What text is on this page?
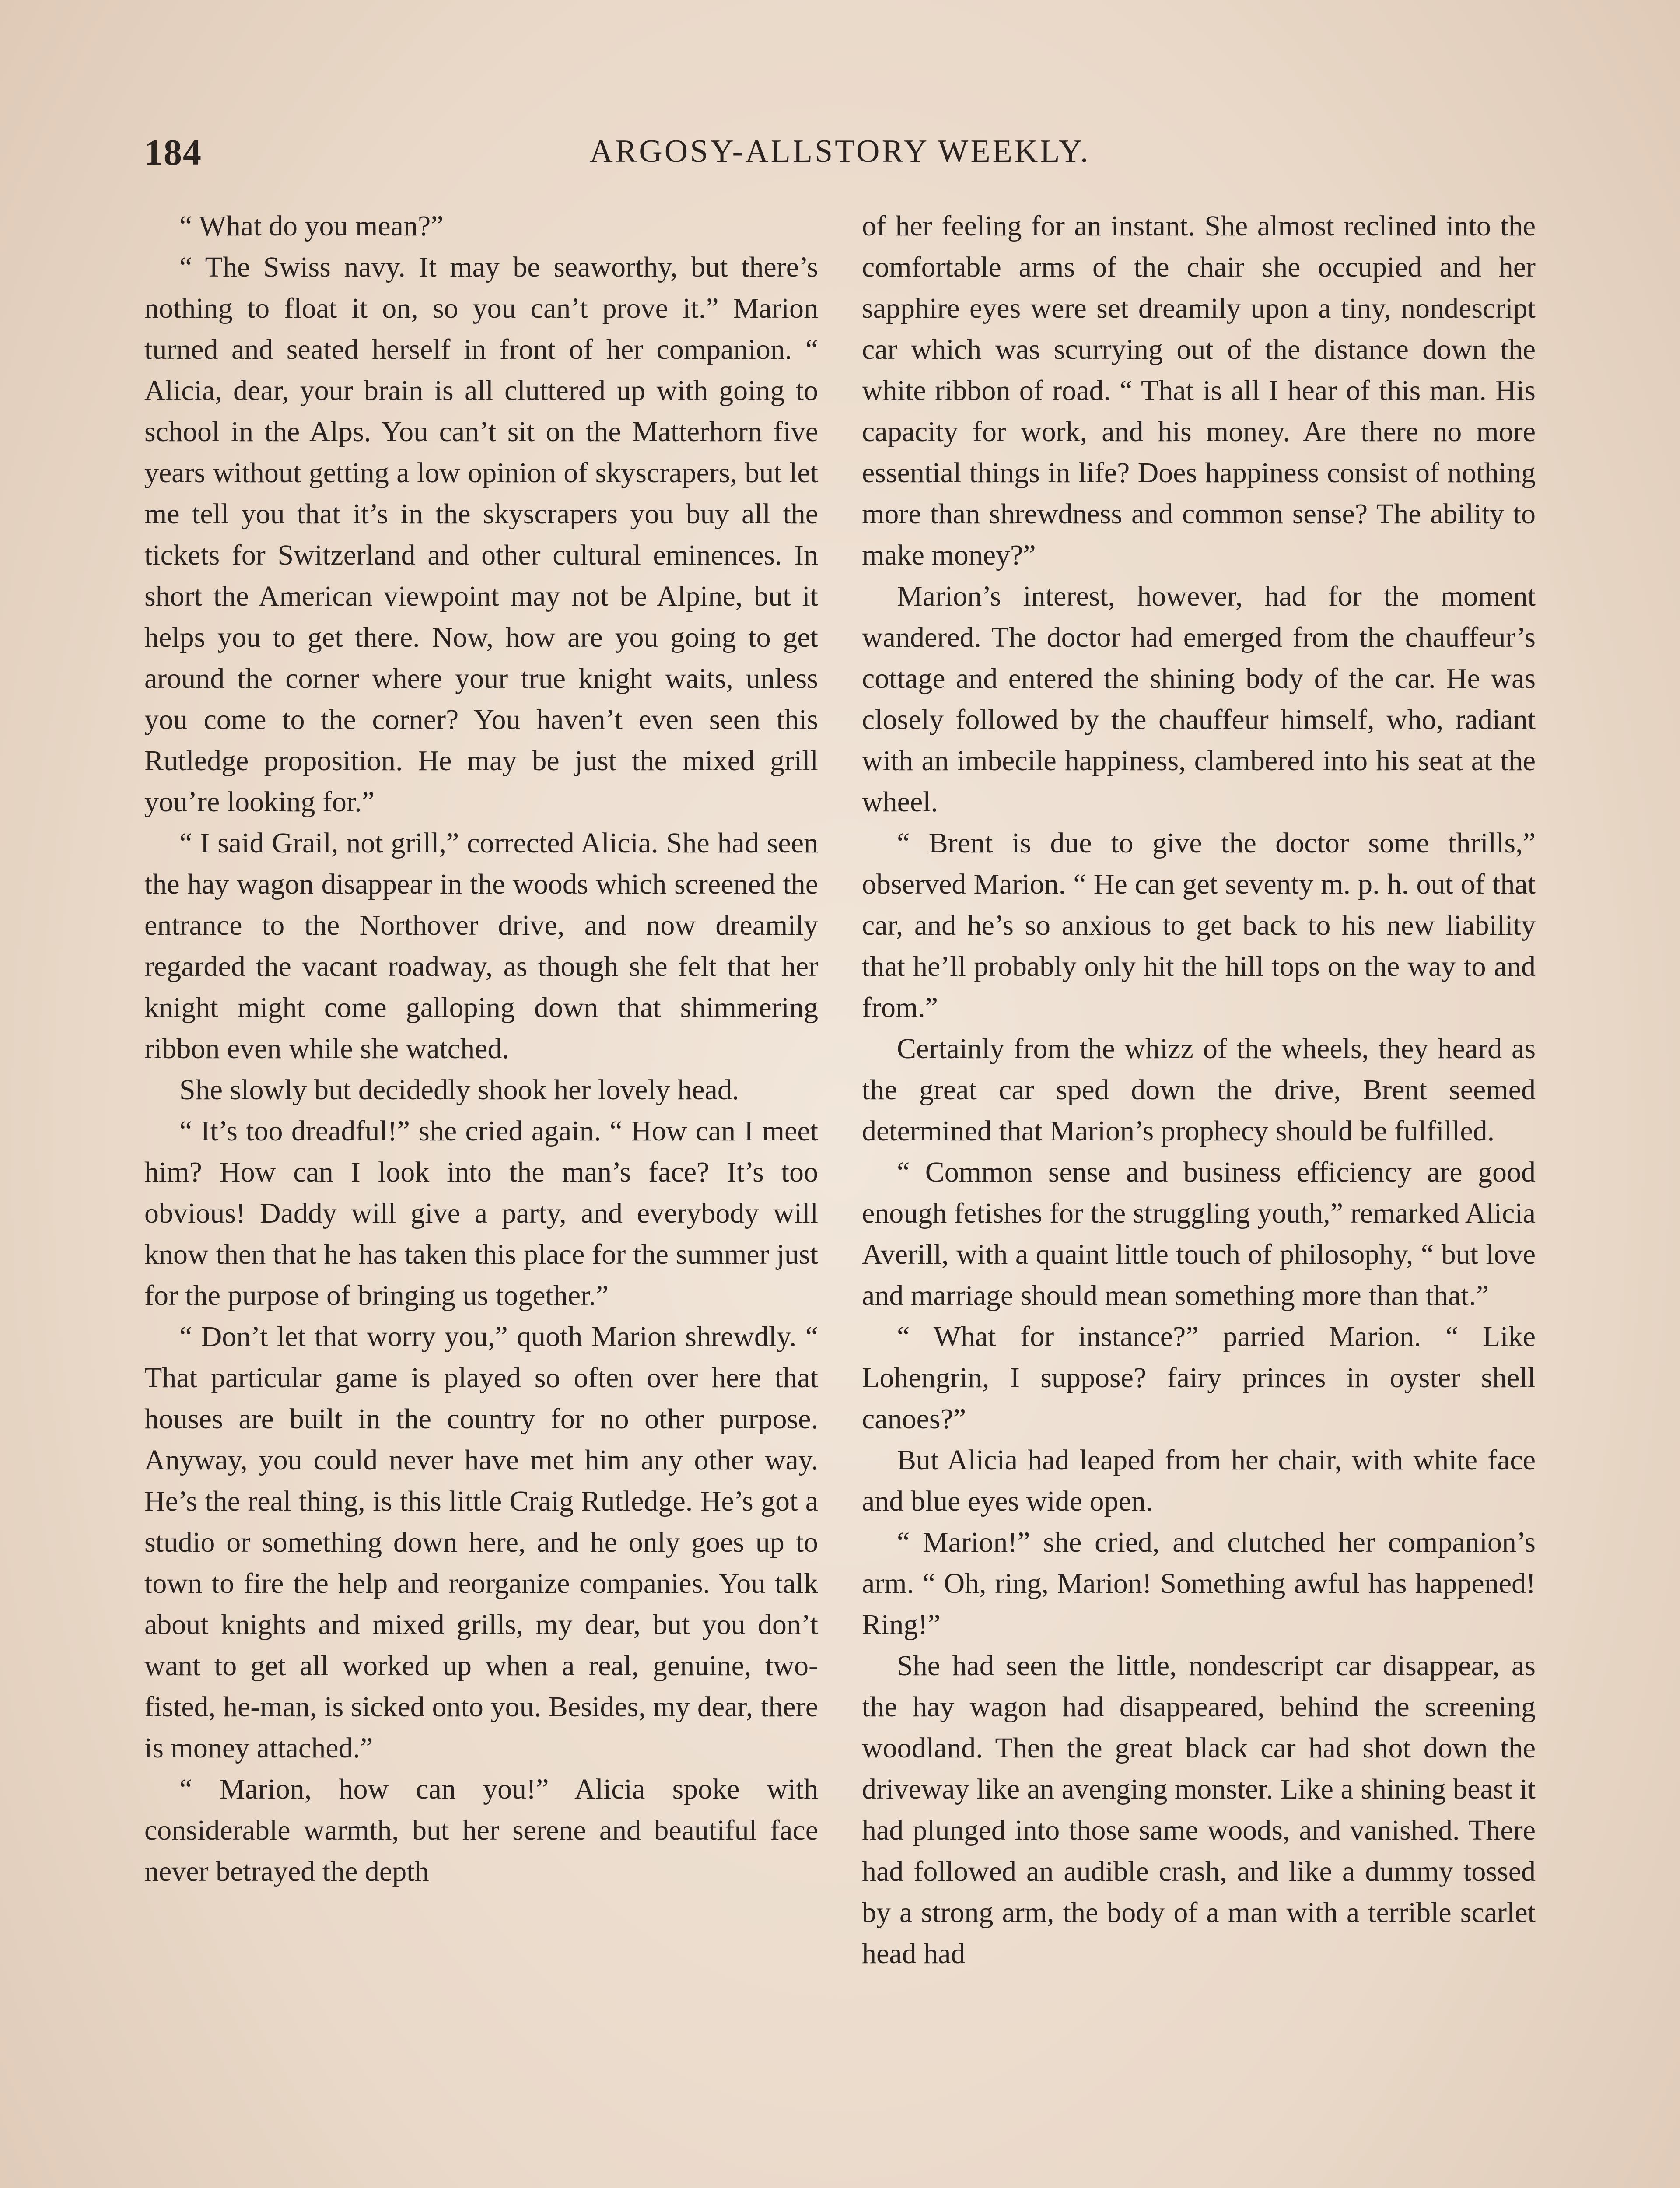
184	ARGOSY-ALLSTORY WEEKLY.

“ What do you mean?”

“ The Swiss navy. It may be seaworthy, but there’s nothing to float it on, so you can’t prove it.” Marion turned and seated herself in front of her companion. “ Alicia, dear, your brain is all cluttered up with going to school in the Alps. You can’t sit on the Matterhorn five years without getting a low opinion of skyscrapers, but let me tell you that it’s in the skyscrapers you buy all the tickets for Switzerland and other cultural eminences. In short the American viewpoint may not be Alpine, but it helps you to get there. Now, how are you going to get around the corner where your true knight waits, unless you come to the corner? You haven’t even seen this Rutledge proposition. He may be just the mixed grill you’re looking for.”

“ I said Grail, not grill,” corrected Alicia. She had seen the hay wagon disappear in the woods which screened the entrance to the Northover drive, and now dreamily regarded the vacant roadway, as though she felt that her knight might come galloping down that shimmering ribbon even while she watched.

She slowly but decidedly shook her lovely head.

“ It’s too dreadful!” she cried again. “ How can I meet him? How can I look into the man’s face? It’s too obvious! Daddy will give a party, and everybody will know then that he has taken this place for the summer just for the purpose of bringing us together.”

“ Don’t let that worry you,” quoth Marion shrewdly. “ That particular game is played so often over here that houses are built in the country for no other purpose. Anyway, you could never have met him any other way. He’s the real thing, is this little Craig Rutledge. He’s got a studio or something down here, and he only goes up to town to fire the help and reorganize companies. You talk about knights and mixed grills, my dear, but you don’t want to get all worked up when a real, genuine, two-fisted, he-man, is sicked onto you. Besides, my dear, there is money attached.”

“ Marion, how can you!” Alicia spoke with considerable warmth, but her serene and beautiful face never betrayed the depth

of her feeling for an instant. She almost reclined into the comfortable arms of the chair she occupied and her sapphire eyes were set dreamily upon a tiny, nondescript car which was scurrying out of the distance down the white ribbon of road. “ That is all I hear of this man. His capacity for work, and his money. Are there no more essential things in life? Does happiness consist of nothing more than shrewdness and common sense? The ability to make money?”

Marion’s interest, however, had for the moment wandered. The doctor had emerged from the chauffeur’s cottage and entered the shining body of the car. He was closely followed by the chauffeur himself, who, radiant with an imbecile happiness, clambered into his seat at the wheel.

“ Brent is due to give the doctor some thrills,” observed Marion. “ He can get seventy m. p. h. out of that car, and he’s so anxious to get back to his new liability that he’ll probably only hit the hill tops on the way to and from.”

Certainly from the whizz of the wheels, they heard as the great car sped down the drive, Brent seemed determined that Marion’s prophecy should be fulfilled.

“ Common sense and business efficiency are good enough fetishes for the struggling youth,” remarked Alicia Averill, with a quaint little touch of philosophy, “ but love and marriage should mean something more than that.”

“ What for instance?” parried Marion. “ Like Lohengrin, I suppose? fairy princes in oyster shell canoes?”

But Alicia had leaped from her chair, with white face and blue eyes wide open.

“ Marion!” she cried, and clutched her companion’s arm. “ Oh, ring, Marion! Something awful has happened! Ring!”

She had seen the little, nondescript car disappear, as the hay wagon had disappeared, behind the screening woodland. Then the great black car had shot down the driveway like an avenging monster. Like a shining beast it had plunged into those same woods, and vanished. There had followed an audible crash, and like a dummy tossed by a strong arm, the body of a man with a terrible scarlet head had
